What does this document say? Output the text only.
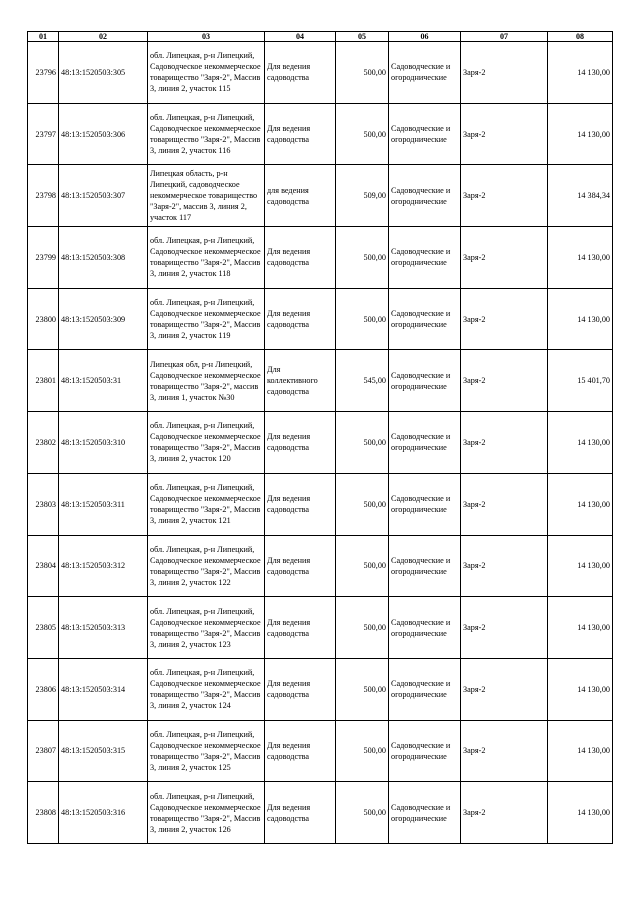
01	02	03	04	05	06	07	08
23796	48:13:1520503:305	обл. Липецкая, р-н Липецкий, Садоводческое некоммерческое товарищество "Заря-2", Массив 3, линия 2, участок 115	Для ведения садоводства	500,00	Садоводческие и огороднические	Заря-2	14 130,00
23797	48:13:1520503:306	обл. Липецкая, р-н Липецкий, Садоводческое некоммерческое товарищество "Заря-2", Массив 3, линия 2, участок 116	Для ведения садоводства	500,00	Садоводческие и огороднические	Заря-2	14 130,00
23798	48:13:1520503:307	Липецкая область, р-н Липецкий, садоводческое некоммерческое товарищество "Заря-2", массив 3, линия 2, участок 117	для ведения садоводства	509,00	Садоводческие и огороднические	Заря-2	14 384,34
23799	48:13:1520503:308	обл. Липецкая, р-н Липецкий, Садоводческое некоммерческое товарищество "Заря-2", Массив 3, линия 2, участок 118	Для ведения садоводства	500,00	Садоводческие и огороднические	Заря-2	14 130,00
23800	48:13:1520503:309	обл. Липецкая, р-н Липецкий, Садоводческое некоммерческое товарищество "Заря-2", Массив 3, линия 2, участок 119	Для ведения садоводства	500,00	Садоводческие и огороднические	Заря-2	14 130,00
23801	48:13:1520503:31	Липецкая обл, р-н Липецкий, Садоводческое некоммерческое товарищество "Заря-2", массив 3, линия 1, участок №30	Для коллективного садоводства	545,00	Садоводческие и огороднические	Заря-2	15 401,70
23802	48:13:1520503:310	обл. Липецкая, р-н Липецкий, Садоводческое некоммерческое товарищество "Заря-2", Массив 3, линия 2, участок 120	Для ведения садоводства	500,00	Садоводческие и огороднические	Заря-2	14 130,00
23803	48:13:1520503:311	обл. Липецкая, р-н Липецкий, Садоводческое некоммерческое товарищество "Заря-2", Массив 3, линия 2, участок 121	Для ведения садоводства	500,00	Садоводческие и огороднические	Заря-2	14 130,00
23804	48:13:1520503:312	обл. Липецкая, р-н Липецкий, Садоводческое некоммерческое товарищество "Заря-2", Массив 3, линия 2, участок 122	Для ведения садоводства	500,00	Садоводческие и огороднические	Заря-2	14 130,00
23805	48:13:1520503:313	обл. Липецкая, р-н Липецкий, Садоводческое некоммерческое товарищество "Заря-2", Массив 3, линия 2, участок 123	Для ведения садоводства	500,00	Садоводческие и огороднические	Заря-2	14 130,00
23806	48:13:1520503:314	обл. Липецкая, р-н Липецкий, Садоводческое некоммерческое товарищество "Заря-2", Массив 3, линия 2, участок 124	Для ведения садоводства	500,00	Садоводческие и огороднические	Заря-2	14 130,00
23807	48:13:1520503:315	обл. Липецкая, р-н Липецкий, Садоводческое некоммерческое товарищество "Заря-2", Массив 3, линия 2, участок 125	Для ведения садоводства	500,00	Садоводческие и огороднические	Заря-2	14 130,00
23808	48:13:1520503:316	обл. Липецкая, р-н Липецкий, Садоводческое некоммерческое товарищество "Заря-2", Массив 3, линия 2, участок 126	Для ведения садоводства	500,00	Садоводческие и огороднические	Заря-2	14 130,00
